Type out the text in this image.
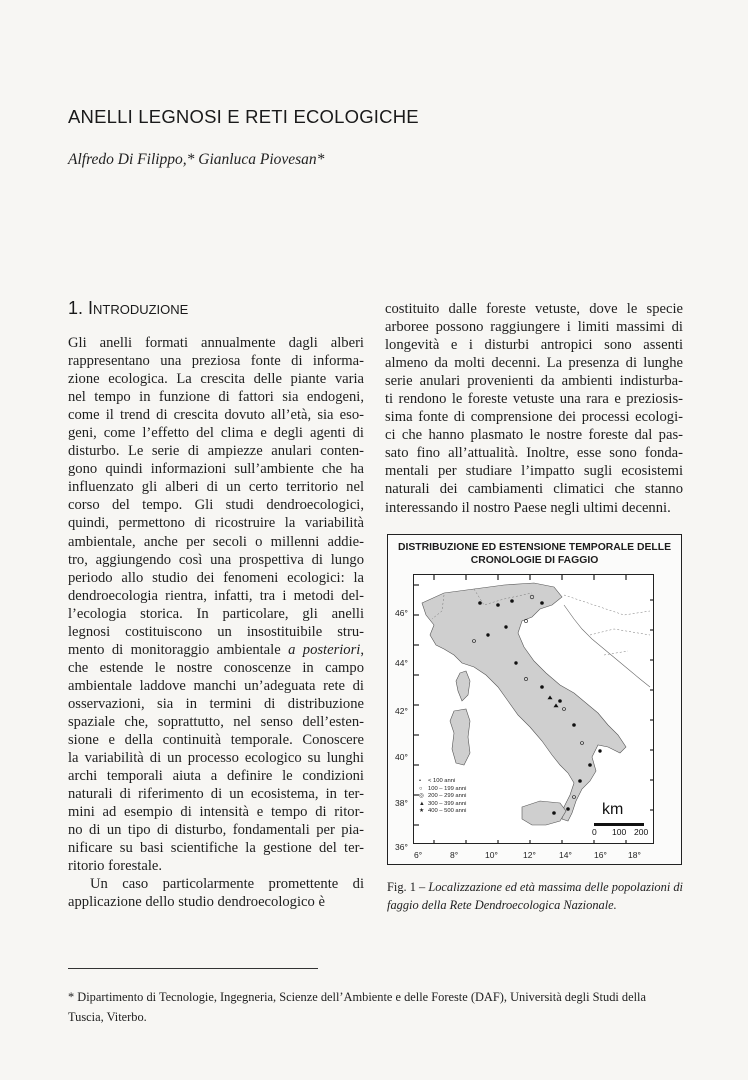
ANELLI LEGNOSI E RETI ECOLOGICHE
Alfredo Di Filippo,* Gianluca Piovesan*
1. Introduzione
Gli anelli formati annualmente dagli alberi
rappresentano una preziosa fonte di informa-
zione ecologica. La crescita delle piante varia
nel tempo in funzione di fattori sia endogeni,
come il trend di crescita dovuto all’età, sia eso-
geni, come l’effetto del clima e degli agenti di
disturbo. Le serie di ampiezze anulari conten-
gono quindi informazioni sull’ambiente che ha
influenzato gli alberi di un certo territorio nel
corso del tempo. Gli studi dendroecologici,
quindi, permettono di ricostruire la variabilità
ambientale, anche per secoli o millenni addie-
tro, aggiungendo così una prospettiva di lungo
periodo allo studio dei fenomeni ecologici: la
dendroecologia rientra, infatti, tra i metodi del-
l’ecologia storica. In particolare, gli anelli
legnosi costituiscono un insostituibile stru-
mento di monitoraggio ambientale a posteriori,
che estende le nostre conoscenze in campo
ambientale laddove manchi un’adeguata rete di
osservazioni, sia in termini di distribuzione
spaziale che, soprattutto, nel senso dell’esten-
sione e della continuità temporale. Conoscere
la variabilità di un processo ecologico su lunghi
archi temporali aiuta a definire le condizioni
naturali di riferimento di un ecosistema, in ter-
mini ad esempio di intensità e tempo di ritor-
no di un tipo di disturbo, fondamentali per pia-
nificare su basi scientifiche la gestione del ter-
ritorio forestale.
Un caso particolarmente promettente di
applicazione dello studio dendroecologico è
costituito dalle foreste vetuste, dove le specie
arboree possono raggiungere i limiti massimi di
longevità e i disturbi antropici sono assenti
almeno da molti decenni. La presenza di lunghe
serie anulari provenienti da ambienti indisturba-
ti rendono le foreste vetuste una rara e preziosis-
sima fonte di comprensione dei processi ecologi-
ci che hanno plasmato le nostre foreste dal pas-
sato fino all’attualità. Inoltre, esse sono fonda-
mentali per studiare l’impatto sugli ecosistemi
naturali dei cambiamenti climatici che stanno
interessando il nostro Paese negli ultimi decenni.
DISTRIBUZIONE ED ESTENSIONE TEMPORALE DELLE
CRONOLOGIE DI FAGGIO
46°
44°
42°
40°
38°
36°
6°	8°	10°	12°	14°	16° 18°
• < 100 anni
○ 100 – 199 anni
◎ 200 – 299 anni
▲ 300 – 399 anni
★ 400 – 500 anni	km
0 100 200
Fig. 1 – Localizzazione ed età massima delle popolazioni di faggio della Rete Dendroecologica Nazionale.
* Dipartimento di Tecnologie, Ingegneria, Scienze dell’Ambiente e delle Foreste (DAF), Università degli Studi della Tuscia, Viterbo.
